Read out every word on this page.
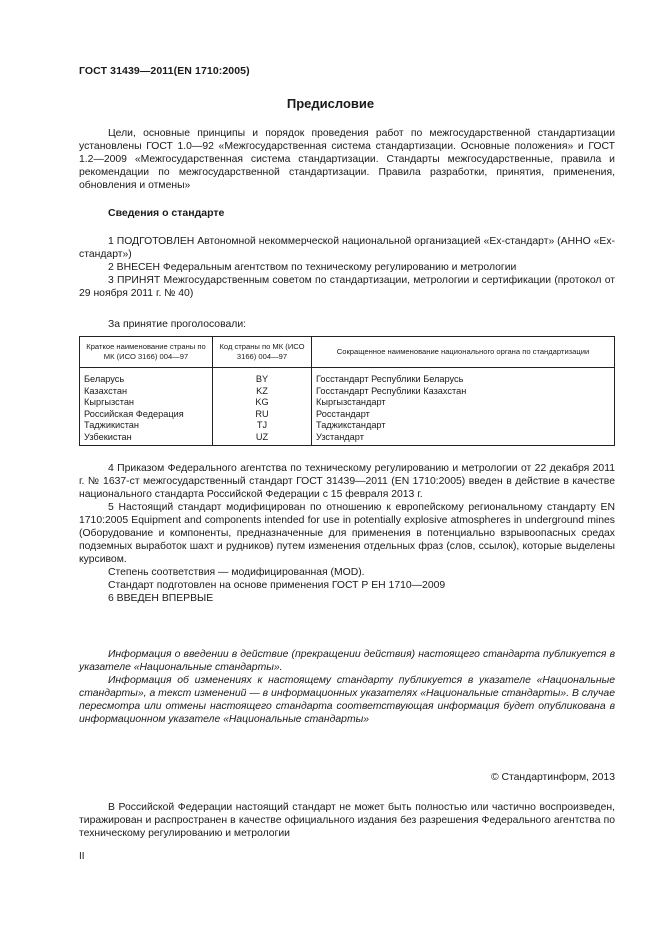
ГОСТ 31439—2011(EN 1710:2005)
Предисловие

Цели, основные принципы и порядок проведения работ по межгосударственной стандартизации установлены ГОСТ 1.0—92 «Межгосударственная система стандартизации. Основные положения» и ГОСТ 1.2—2009 «Межгосударственная система стандартизации. Стандарты межгосударственные, правила и рекомендации по межгосударственной стандартизации. Правила разработки, принятия, применения, обновления и отмены»

Сведения о стандарте

1 ПОДГОТОВЛЕН Автономной некоммерческой национальной организацией «Ех-стандарт» (АННО «Ех-стандарт»)

2 ВНЕСЕН Федеральным агентством по техническому регулированию и метрологии

3 ПРИНЯТ Межгосударственным советом по стандартизации, метрологии и сертификации (протокол от 29 ноября 2011 г. № 40)

За принятие проголосовали:

Краткое наименование страны по МК (ИСО 3166) 004—97	Код страны по МК (ИСО 3166) 004—97	Сокращенное наименование национального органа по стандартизации
Беларусь	BY	Госстандарт Республики Беларусь
Казахстан	KZ	Госстандарт Республики Казахстан
Кыргызстан	KG	Кыргызстандарт
Российская Федерация	RU	Росстандарт
Таджикистан	TJ	Таджикстандарт
Узбекистан	UZ	Узстандарт

4 Приказом Федерального агентства по техническому регулированию и метрологии от 22 декабря 2011 г. № 1637-ст межгосударственный стандарт ГОСТ 31439—2011 (EN 1710:2005) введен в действие в качестве национального стандарта Российской Федерации с 15 февраля 2013 г.

5 Настоящий стандарт модифицирован по отношению к европейскому региональному стандарту EN 1710:2005 Equipment and components intended for use in potentially explosive atmospheres in underground mines (Оборудование и компоненты, предназначенные для применения в потенциально взрывоопасных средах подземных выработок шахт и рудников) путем изменения отдельных фраз (слов, ссылок), которые выделены курсивом.

Степень соответствия — модифицированная (MOD).

Стандарт подготовлен на основе применения ГОСТ Р ЕН 1710—2009

6 ВВЕДЕН ВПЕРВЫЕ

Информация о введении в действие (прекращении действия) настоящего стандарта публикуется в указателе «Национальные стандарты».

Информация об изменениях к настоящему стандарту публикуется в указателе «Национальные стандарты», а текст изменений — в информационных указателях «Национальные стандарты». В случае пересмотра или отмены настоящего стандарта соответствующая информация будет опубликована в информационном указателе «Национальные стандарты»

© Стандартинформ, 2013

В Российской Федерации настоящий стандарт не может быть полностью или частично воспроизведен, тиражирован и распространен в качестве официального издания без разрешения Федерального агентства по техническому регулированию и метрологии

II
